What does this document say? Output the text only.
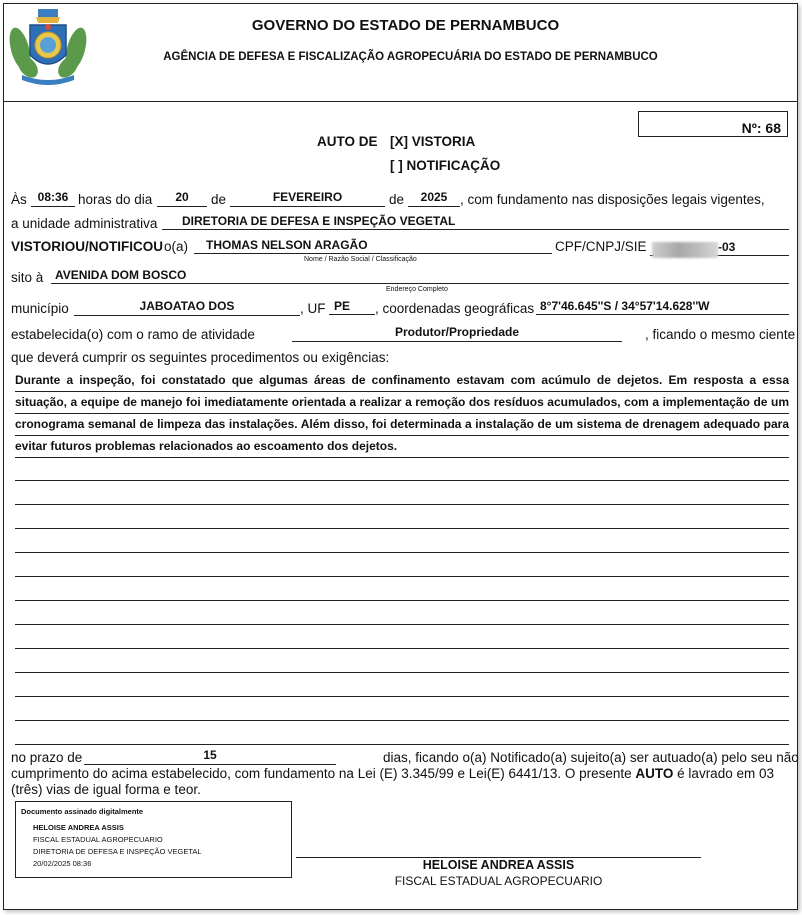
GOVERNO DO ESTADO DE PERNAMBUCO
AGÊNCIA DE DEFESA E FISCALIZAÇÃO AGROPECUÁRIA DO ESTADO DE PERNAMBUCO
Nº: 68
AUTO DE [X] VISTORIA
[ ] NOTIFICAÇÃO
Às 08:36 horas do dia	20	de	FEVEREIRO	de	2025 , com fundamento nas disposições legais vigentes,
a unidade administrativa	DIRETORIA DE DEFESA E INSPEÇÃO VEGETAL
VISTORIOU/NOTIFICOU o(a)	THOMAS NELSON ARAGÃO
Nome / Razão Social / Classificação
CPF/CNPJ/SIE	-03
sito à AVENIDA DOM BOSCO
Endereço Completo
município	JABOATAO DOS	, UF PE	, coordenadas geográficas 8°7'46.645''S / 34°57'14.628''W
estabelecida(o) com o ramo de atividade	Produtor/Propriedade	, ficando o mesmo ciente
que deverá cumprir os seguintes procedimentos ou exigências:
Durante a inspeção, foi constatado que algumas áreas de confinamento estavam com acúmulo de dejetos. Em resposta a essa
situação, a equipe de manejo foi imediatamente orientada a realizar a remoção dos resíduos acumulados, com a implementação de um
cronograma semanal de limpeza das instalações. Além disso, foi determinada a instalação de um sistema de drenagem adequado para
evitar futuros problemas relacionados ao escoamento dos dejetos.
no prazo de	15	dias, ficando o(a) Notificado(a) sujeito(a) ser autuado(a) pelo seu não
cumprimento do acima estabelecido, com fundamento na Lei (E) 3.345/99 e Lei(E) 6441/13. O presente AUTO é lavrado em 03
(três) vias de igual forma e teor.
Documento assinado digitalmente
HELOISE ANDREA ASSIS
FISCAL ESTADUAL AGROPECUARIO
DIRETORIA DE DEFESA E INSPEÇÃO VEGETAL
20/02/2025 08:36	HELOISE ANDREA ASSIS
FISCAL ESTADUAL AGROPECUARIO
